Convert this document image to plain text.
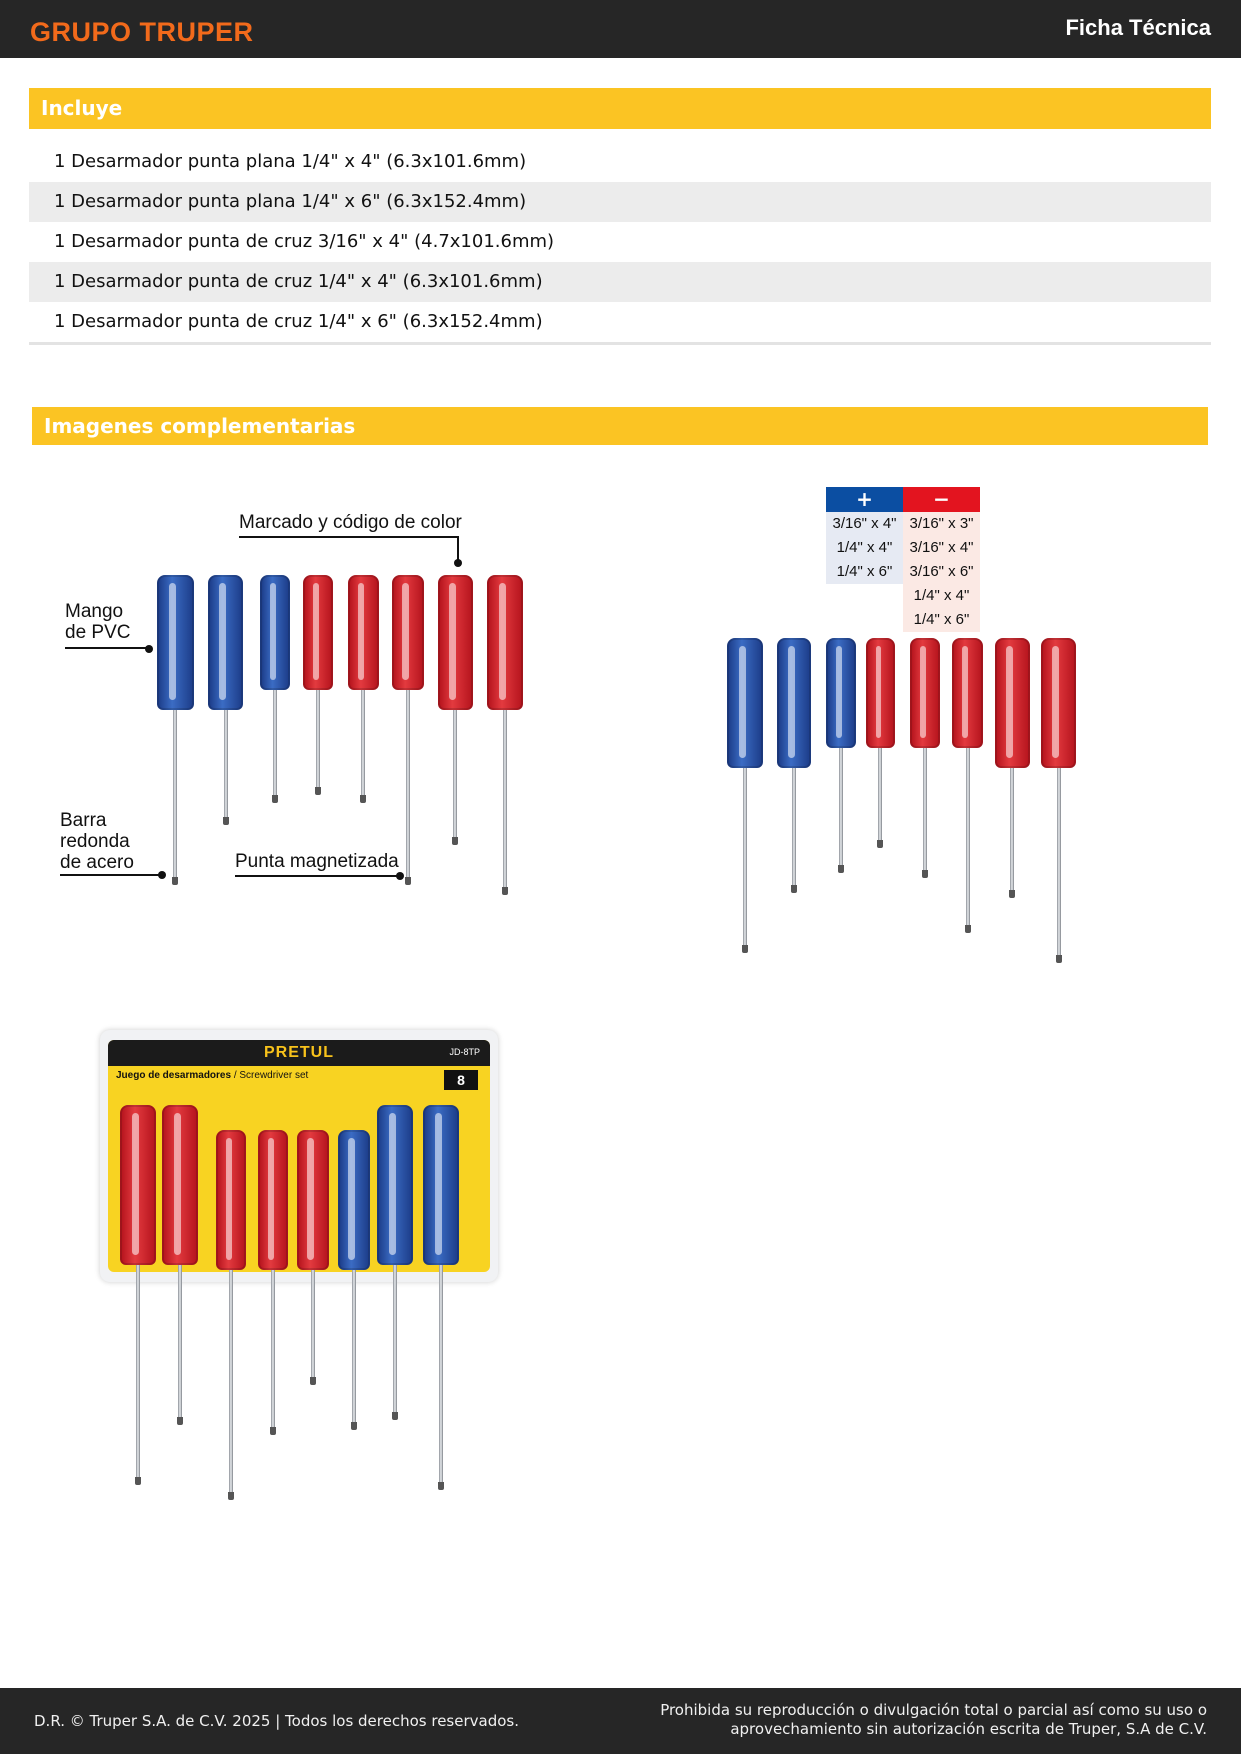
GRUPO TRUPER	Ficha Técnica
Incluye
1 Desarmador punta plana 1/4" x 4" (6.3x101.6mm)
1 Desarmador punta plana 1/4" x 6" (6.3x152.4mm)
1 Desarmador punta de cruz 3/16" x 4" (4.7x101.6mm)
1 Desarmador punta de cruz 1/4" x 4" (6.3x101.6mm)
1 Desarmador punta de cruz 1/4" x 6" (6.3x152.4mm)
Imagenes complementarias
Marcado y código de color
Mango de PVC
Barra redonda de acero	Punta magnetizada
+
3/16" x 4"
1/4" x 4"
1/4" x 6"
−
3/16" x 3"
3/16" x 4"
3/16" x 6"
1/4" x 4"
1/4" x 6"
PRETUL	JD-8TP
Juego de desarmadores / Screwdriver set	8
D.R. © Truper S.A. de C.V. 2025 | Todos los derechos reservados.
Prohibida su reproducción o divulgación total o parcial así como su uso o
aprovechamiento sin autorización escrita de Truper, S.A de C.V.
